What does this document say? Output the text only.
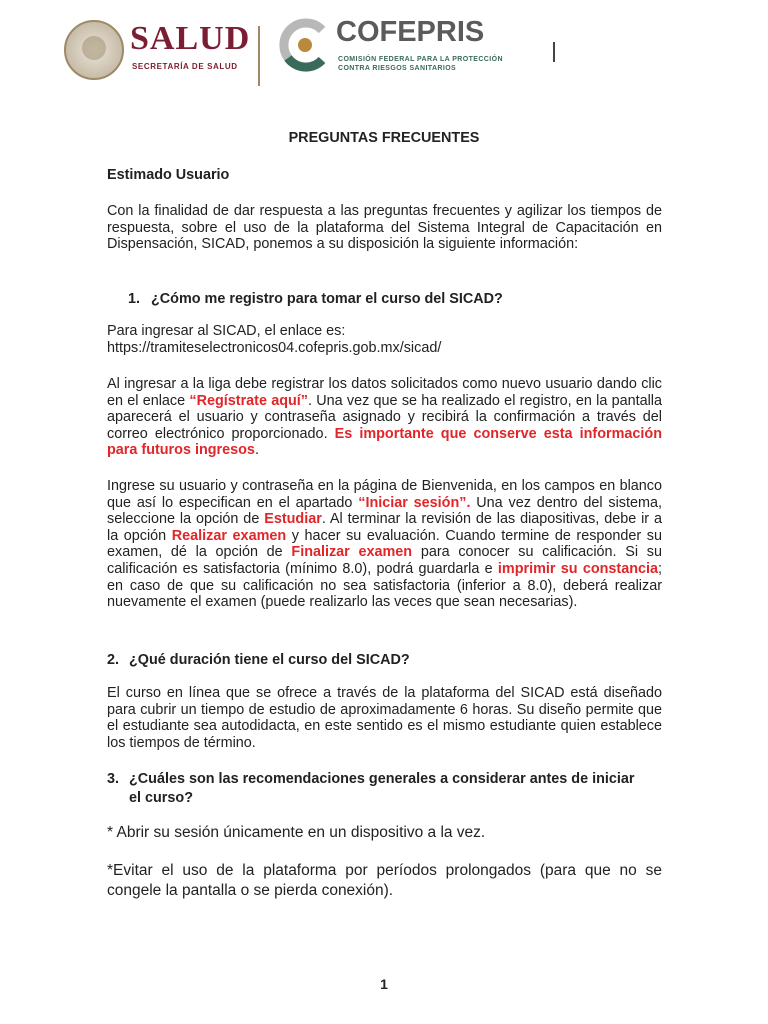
SALUD

SECRETARÍA DE SALUD

COFEPRIS

COMISIÓN FEDERAL PARA LA PROTECCIÓN

CONTRA RIESGOS SANITARIOS

PREGUNTAS FRECUENTES

Estimado Usuario

Con la finalidad de dar respuesta a las preguntas frecuentes y agilizar los tiempos de respuesta, sobre el uso de la plataforma del Sistema Integral de Capacitación en Dispensación, SICAD, ponemos a su disposición la siguiente información:

1. ¿Cómo me registro para tomar el curso del SICAD?

Para ingresar al SICAD, el enlace es:

https://tramiteselectronicos04.cofepris.gob.mx/sicad/

Al ingresar a la liga debe registrar los datos solicitados como nuevo usuario dando clic en el enlace “Regístrate aquí”. Una vez que se ha realizado el registro, en la pantalla aparecerá el usuario y contraseña asignado y recibirá la confirmación a través del correo electrónico proporcionado. Es importante que conserve esta información para futuros ingresos.

Ingrese su usuario y contraseña en la página de Bienvenida, en los campos en blanco que así lo especifican en el apartado “Iniciar sesión”. Una vez dentro del sistema, seleccione la opción de Estudiar. Al terminar la revisión de las diapositivas, debe ir a la opción Realizar examen y hacer su evaluación. Cuando termine de responder su examen, dé la opción de Finalizar examen para conocer su calificación. Si su calificación es satisfactoria (mínimo 8.0), podrá guardarla e imprimir su constancia; en caso de que su calificación no sea satisfactoria (inferior a 8.0), deberá realizar nuevamente el examen (puede realizarlo las veces que sean necesarias).

2. ¿Qué duración tiene el curso del SICAD?

El curso en línea que se ofrece a través de la plataforma del SICAD está diseñado para cubrir un tiempo de estudio de aproximadamente 6 horas. Su diseño permite que el estudiante sea autodidacta, en este sentido es el mismo estudiante quien establece los tiempos de término.

3. ¿Cuáles son las recomendaciones generales a considerar antes de iniciar
el curso?

* Abrir su sesión únicamente en un dispositivo a la vez.

*Evitar el uso de la plataforma por períodos prolongados (para que no se congele la pantalla o se pierda conexión).

1
